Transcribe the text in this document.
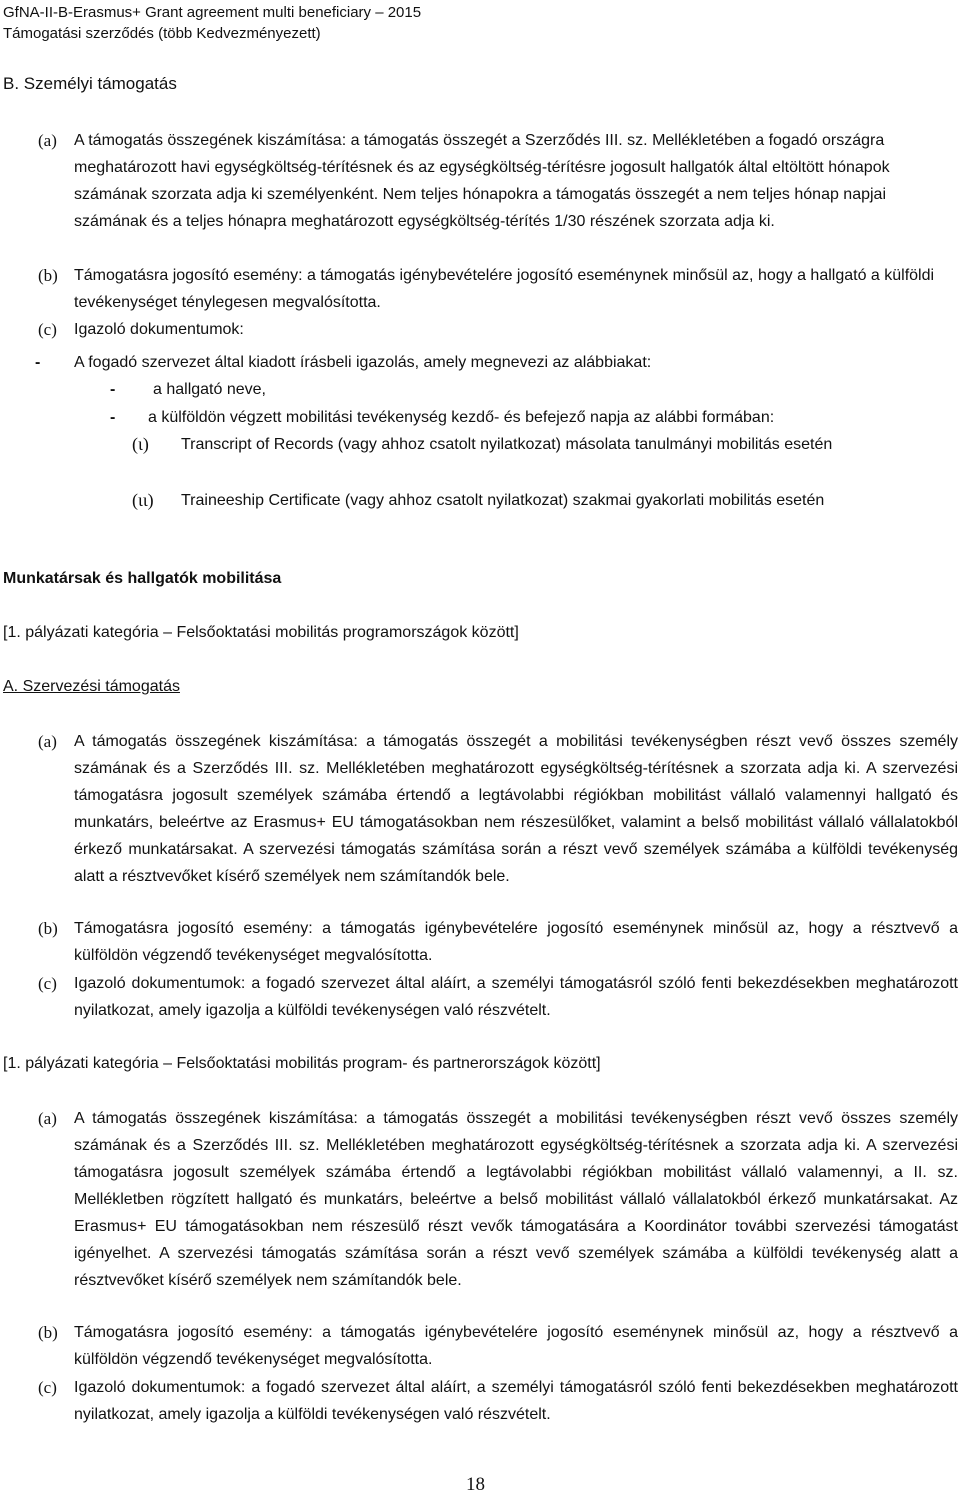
GfNA-II-B-Erasmus+ Grant agreement multi beneficiary – 2015
Támogatási szerződés (több Kedvezményezett)
B. Személyi támogatás
(a) A támogatás összegének kiszámítása: a támogatás összegét a Szerződés III. sz. Mellékletében a fogadó országra meghatározott havi egységköltség-térítésnek és az egységköltség-térítésre jogosult hallgatók által eltöltött hónapok számának szorzata adja ki személyenként. Nem teljes hónapokra a támogatás összegét a nem teljes hónap napjai számának és a teljes hónapra meghatározott egységköltség-térítés 1/30 részének szorzata adja ki.
(b) Támogatásra jogosító esemény: a támogatás igénybevételére jogosító eseménynek minősül az, hogy a hallgató a külföldi tevékenységet ténylegesen megvalósította.
(c) Igazoló dokumentumok:
- A fogadó szervezet által kiadott írásbeli igazolás, amely megnevezi az alábbiakat:
- a hallgató neve,
- a külföldön végzett mobilitási tevékenység kezdő- és befejező napja az alábbi formában:
(ι) Transcript of Records (vagy ahhoz csatolt nyilatkozat) másolata tanulmányi mobilitás esetén
(ιι) Traineeship Certificate (vagy ahhoz csatolt nyilatkozat) szakmai gyakorlati mobilitás esetén
Munkatársak és hallgatók mobilitása
[1. pályázati kategória – Felsőoktatási mobilitás programországok között]
A. Szervezési támogatás
(a) A támogatás összegének kiszámítása: a támogatás összegét a mobilitási tevékenységben részt vevő összes személy számának és a Szerződés III. sz. Mellékletében meghatározott egységköltség-térítésnek a szorzata adja ki. A szervezési támogatásra jogosult személyek számába értendő a legtávolabbi régiókban mobilitást vállaló valamennyi hallgató és munkatárs, beleértve az Erasmus+ EU támogatásokban nem részesülőket, valamint a belső mobilitást vállaló vállalatokból érkező munkatársakat. A szervezési támogatás számítása során a részt vevő személyek számába a külföldi tevékenység alatt a résztvevőket kísérő személyek nem számítandók bele.
(b) Támogatásra jogosító esemény: a támogatás igénybevételére jogosító eseménynek minősül az, hogy a résztvevő a külföldön végzendő tevékenységet megvalósította.
(c) Igazoló dokumentumok: a fogadó szervezet által aláírt, a személyi támogatásról szóló fenti bekezdésekben meghatározott nyilatkozat, amely igazolja a külföldi tevékenységen való részvételt.
[1. pályázati kategória – Felsőoktatási mobilitás program- és partnerországok között]
(a) A támogatás összegének kiszámítása: a támogatás összegét a mobilitási tevékenységben részt vevő összes személy számának és a Szerződés III. sz. Mellékletében meghatározott egységköltség-térítésnek a szorzata adja ki. A szervezési támogatásra jogosult személyek számába értendő a legtávolabbi régiókban mobilitást vállaló valamennyi, a II. sz. Mellékletben rögzített hallgató és munkatárs, beleértve a belső mobilitást vállaló vállalatokból érkező munkatársakat. Az Erasmus+ EU támogatásokban nem részesülő részt vevők támogatására a Koordinátor további szervezési támogatást igényelhet. A szervezési támogatás számítása során a részt vevő személyek számába a külföldi tevékenység alatt a résztvevőket kísérő személyek nem számítandók bele.
(b) Támogatásra jogosító esemény: a támogatás igénybevételére jogosító eseménynek minősül az, hogy a résztvevő a külföldön végzendő tevékenységet megvalósította.
(c) Igazoló dokumentumok: a fogadó szervezet által aláírt, a személyi támogatásról szóló fenti bekezdésekben meghatározott nyilatkozat, amely igazolja a külföldi tevékenységen való részvételt.
18
